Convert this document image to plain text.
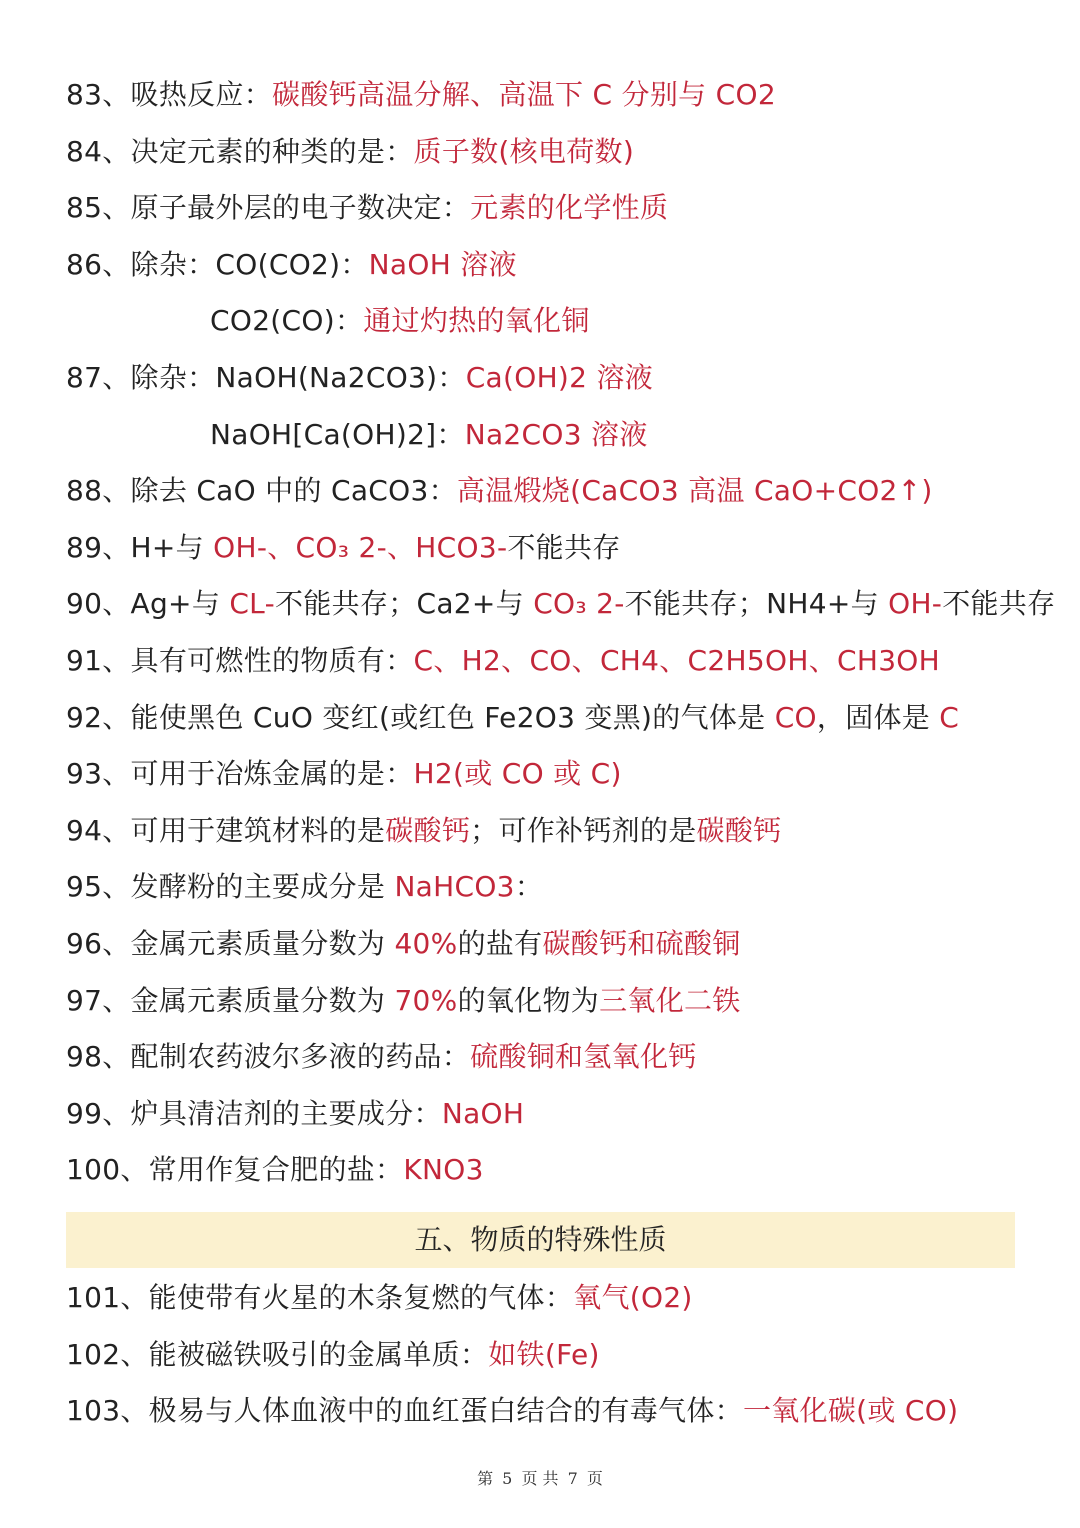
83、吸热反应：碳酸钙高温分解、高温下 C 分别与 CO2
84、决定元素的种类的是：质子数(核电荷数)
85、原子最外层的电子数决定：元素的化学性质
86、除杂：CO(CO2)：NaOH 溶液
CO2(CO)：通过灼热的氧化铜
87、除杂：NaOH(Na2CO3)：Ca(OH)2 溶液
NaOH[Ca(OH)2]：Na2CO3 溶液
88、除去 CaO 中的 CaCO3：高温煅烧(CaCO3 高温 CaO+CO2↑)
89、H+与 OH-、CO₃ 2-、HCO3-不能共存
90、Ag+与 CL-不能共存；Ca2+与 CO₃ 2-不能共存；NH4+与 OH-不能共存
91、具有可燃性的物质有：C、H2、CO、CH4、C2H5OH、CH3OH
92、能使黑色 CuO 变红(或红色 Fe2O3 变黑)的气体是 CO，固体是 C
93、可用于冶炼金属的是：H2(或 CO 或 C)
94、可用于建筑材料的是碳酸钙；可作补钙剂的是碳酸钙
95、发酵粉的主要成分是 NaHCO3：
96、金属元素质量分数为 40%的盐有碳酸钙和硫酸铜
97、金属元素质量分数为 70%的氧化物为三氧化二铁
98、配制农药波尔多液的药品：硫酸铜和氢氧化钙
99、炉具清洁剂的主要成分：NaOH
100、常用作复合肥的盐：KNO3
五、物质的特殊性质
101、能使带有火星的木条复燃的气体：氧气(O2)
102、能被磁铁吸引的金属单质：如铁(Fe)
103、极易与人体血液中的血红蛋白结合的有毒气体：一氧化碳(或 CO)
第 5 页 共 7 页
